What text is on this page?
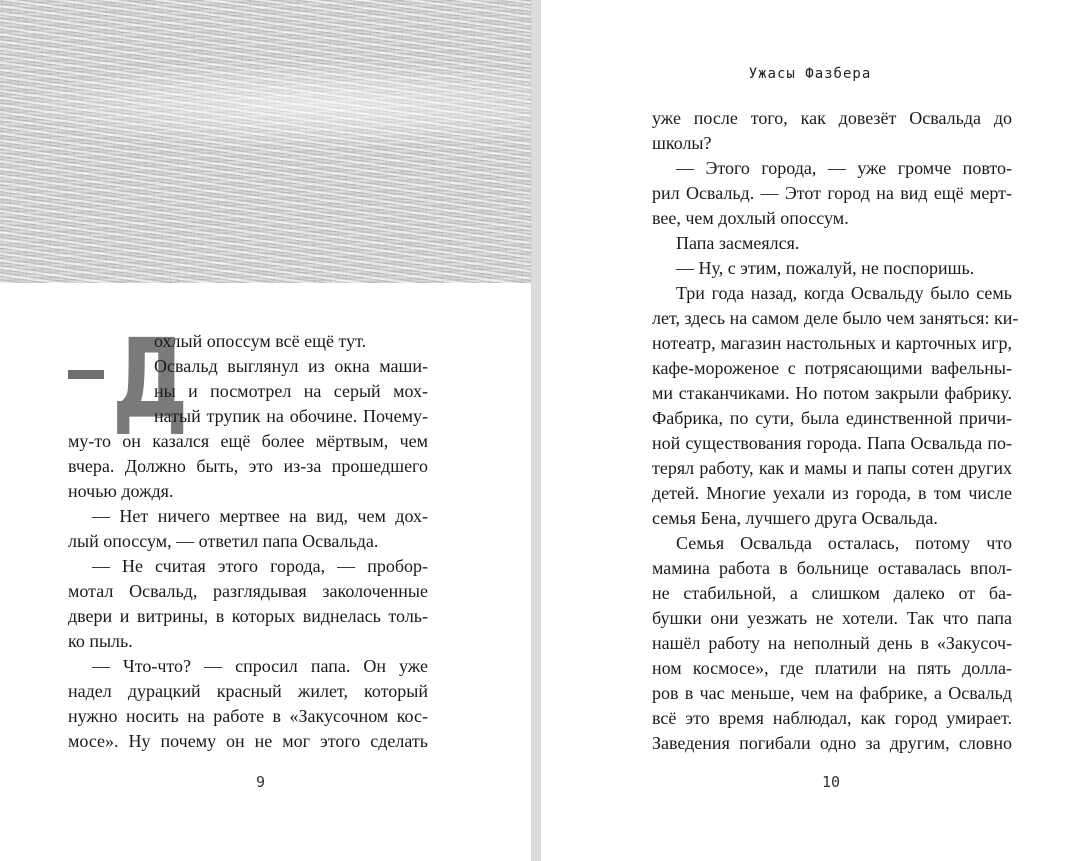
Д
охлый опоссум всё ещё тут.
Освальд выглянул из окна маши-
ны и посмотрел на серый мох-
натый трупик на обочине. Почему-
му-то он казался ещё более мёртвым, чем
вчера. Должно быть, это из-за прошедшего
ночью дождя.
— Нет ничего мертвее на вид, чем дох-
лый опоссум, — ответил папа Освальда.
— Не считая этого города, — пробор-
мотал Освальд, разглядывая заколоченные
двери и витрины, в которых виднелась толь-
ко пыль.
— Что-что? — спросил папа. Он уже
надел дурацкий красный жилет, который
нужно носить на работе в «Закусочном кос-
мосе». Ну почему он не мог этого сделать
Ужасы Фазбера
уже после того, как довезёт Освальда до
школы?
— Этого города, — уже громче повто-
рил Освальд. — Этот город на вид ещё мерт-
вее, чем дохлый опоссум.
Папа засмеялся.
— Ну, с этим, пожалуй, не поспоришь.
Три года назад, когда Освальду было семь
лет, здесь на самом деле было чем заняться: ки-
нотеатр, магазин настольных и карточных игр,
кафе-мороженое с потрясающими вафельны-
ми стаканчиками. Но потом закрыли фабрику.
Фабрика, по сути, была единственной причи-
ной существования города. Папа Освальда по-
терял работу, как и мамы и папы сотен других
детей. Многие уехали из города, в том числе
семья Бена, лучшего друга Освальда.
Семья Освальда осталась, потому что
мамина работа в больнице оставалась впол-
не стабильной, а слишком далеко от ба-
бушки они уезжать не хотели. Так что папа
нашёл работу на неполный день в «Закусоч-
ном космосе», где платили на пять долла-
ров в час меньше, чем на фабрике, а Освальд
всё это время наблюдал, как город умирает.
Заведения погибали одно за другим, словно
9	10
